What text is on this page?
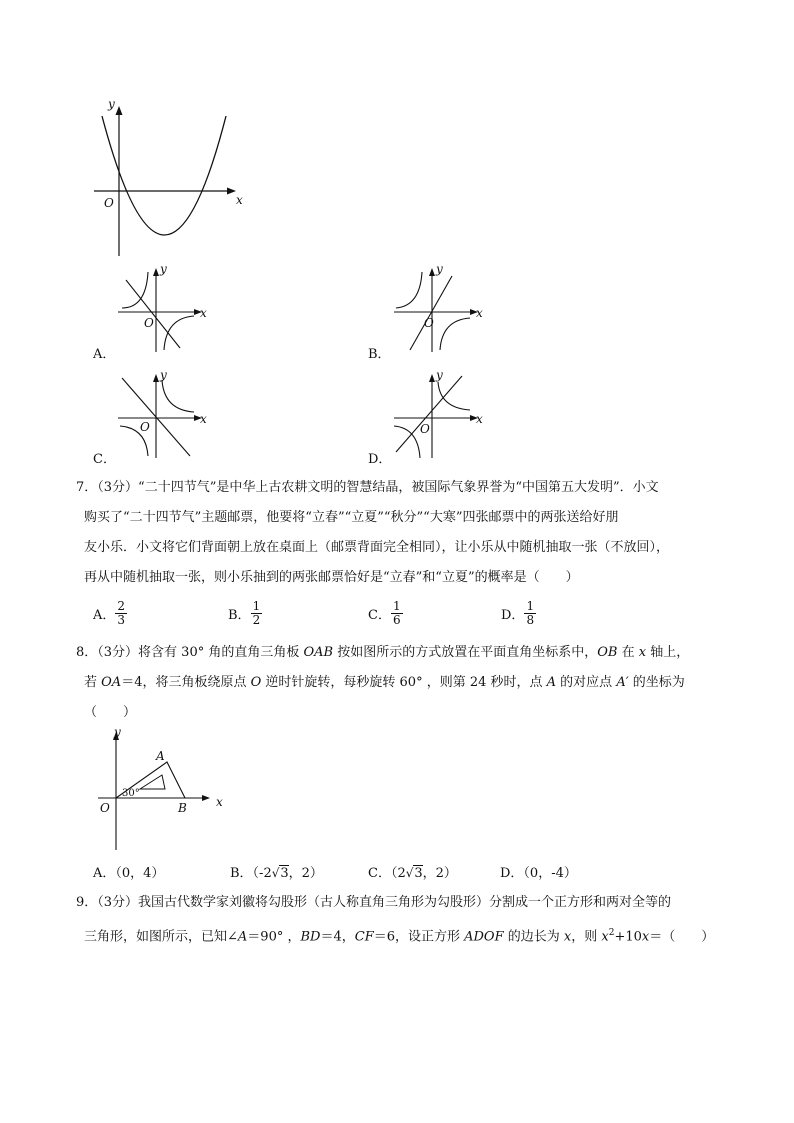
y
x
O
y
x
O
A．
y
x
O
B．
y
x
O
C．
y
x
O
D．
7．（3分）“二十四节气”是中华上古农耕文明的智慧结晶，被国际气象界誉为“中国第五大发明”．小文
购买了“二十四节气”主题邮票，他要将“立春”“立夏”“秋分”“大寒”四张邮票中的两张送给好朋
友小乐．小文将它们背面朝上放在桌面上（邮票背面完全相同），让小乐从中随机抽取一张（不放回），
再从中随机抽取一张，则小乐抽到的两张邮票恰好是“立春”和“立夏”的概率是（　　）
A． $\frac{2}{3}$	B． $\frac{1}{2}$	C． $\frac{1}{6}$	D． $\frac{1}{8}$
8．（3分）将含有 30° 角的直角三角板 OAB 按如图所示的方式放置在平面直角坐标系中，OB 在 x 轴上，
若 OA＝4，将三角板绕原点 O 逆时针旋转，每秒旋转 60° ，则第 24 秒时，点 A 的对应点 A′ 的坐标为
（　　）
y
x
O
A
B
30°
A．（0，4）	B．（-2√3，2）	C．（2√3，2）	D．（0，-4）
9．（3分）我国古代数学家刘徽将勾股形（古人称直角三角形为勾股形）分割成一个正方形和两对全等的
三角形，如图所示，已知∠A＝90° ，BD＝4，CF＝6，设正方形 ADOF 的边长为 x，则 $x^2+10x=$（　　）
